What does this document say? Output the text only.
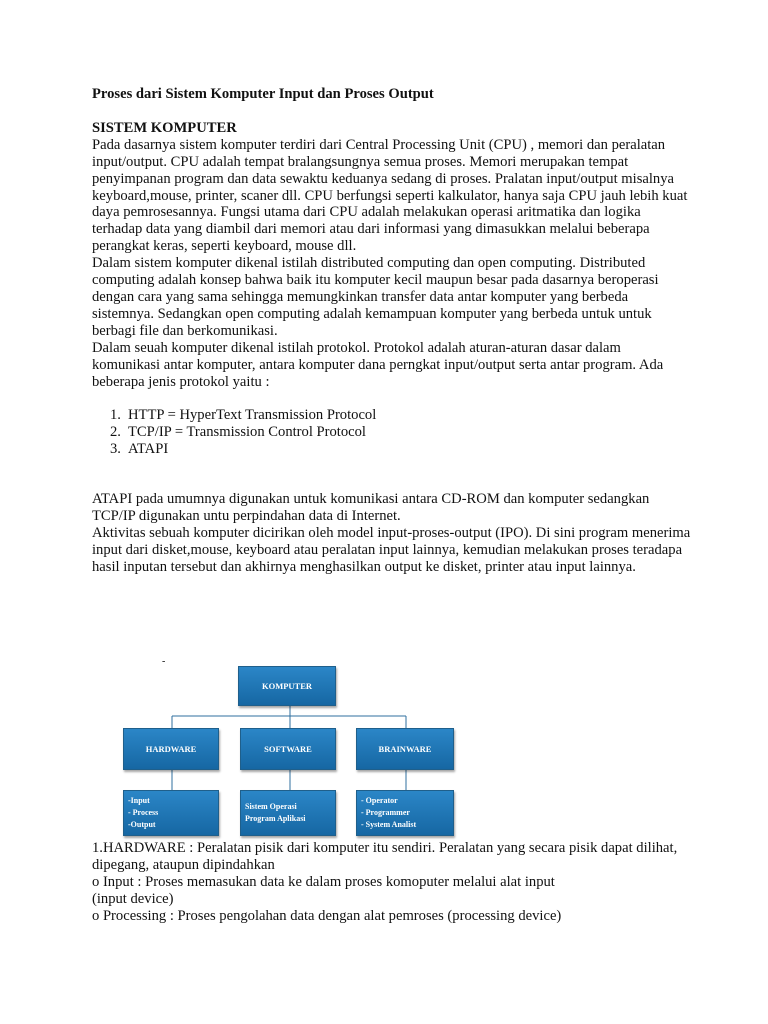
Proses dari Sistem Komputer Input dan Proses Output

SISTEM KOMPUTER

Pada dasarnya sistem komputer terdiri dari Central Processing Unit (CPU) , memori dan peralatan input/output. CPU adalah tempat bralangsungnya semua proses. Memori merupakan tempat penyimpanan program dan data sewaktu keduanya sedang di proses. Pralatan input/output misalnya keyboard,mouse, printer, scaner dll. CPU berfungsi seperti kalkulator, hanya saja CPU jauh lebih kuat daya pemrosesannya. Fungsi utama dari CPU adalah melakukan operasi aritmatika dan logika terhadap data yang diambil dari memori atau dari informasi yang dimasukkan melalui beberapa perangkat keras, seperti keyboard, mouse dll.

Dalam sistem komputer dikenal istilah distributed computing dan open computing. Distributed computing adalah konsep bahwa baik itu komputer kecil maupun besar pada dasarnya beroperasi dengan cara yang sama sehingga memungkinkan transfer data antar komputer yang berbeda sistemnya. Sedangkan open computing adalah kemampuan komputer yang berbeda untuk untuk berbagi file dan berkomunikasi.

Dalam seuah komputer dikenal istilah protokol. Protokol adalah aturan-aturan dasar dalam komunikasi antar komputer, antara komputer dana perngkat input/output serta antar program. Ada beberapa jenis protokol yaitu :

1. HTTP = HyperText Transmission Protocol
2. TCP/IP = Transmission Control Protocol
3. ATAPI

ATAPI pada umumnya digunakan untuk komunikasi antara CD-ROM dan komputer sedangkan TCP/IP digunakan untu perpindahan data di Internet.

Aktivitas sebuah komputer dicirikan oleh model input-proses-output (IPO). Di sini program menerima input dari disket,mouse, keyboard atau peralatan input lainnya, kemudian melakukan proses teradapa hasil inputan tersebut dan akhirnya menghasilkan output ke disket, printer atau input lainnya.

-
KOMPUTER
HARDWARE	SOFTWARE	BRAINWARE
-Input
- Process
-Output
Sistem Operasi
Program Aplikasi
- Operator
- Programmer
- System Analist

1.HARDWARE : Peralatan pisik dari komputer itu sendiri. Peralatan yang secara pisik dapat dilihat, dipegang, ataupun dipindahkan

o Input : Proses memasukan data ke dalam proses komoputer melalui alat input

(input device)

o Processing : Proses pengolahan data dengan alat pemroses (processing device)
